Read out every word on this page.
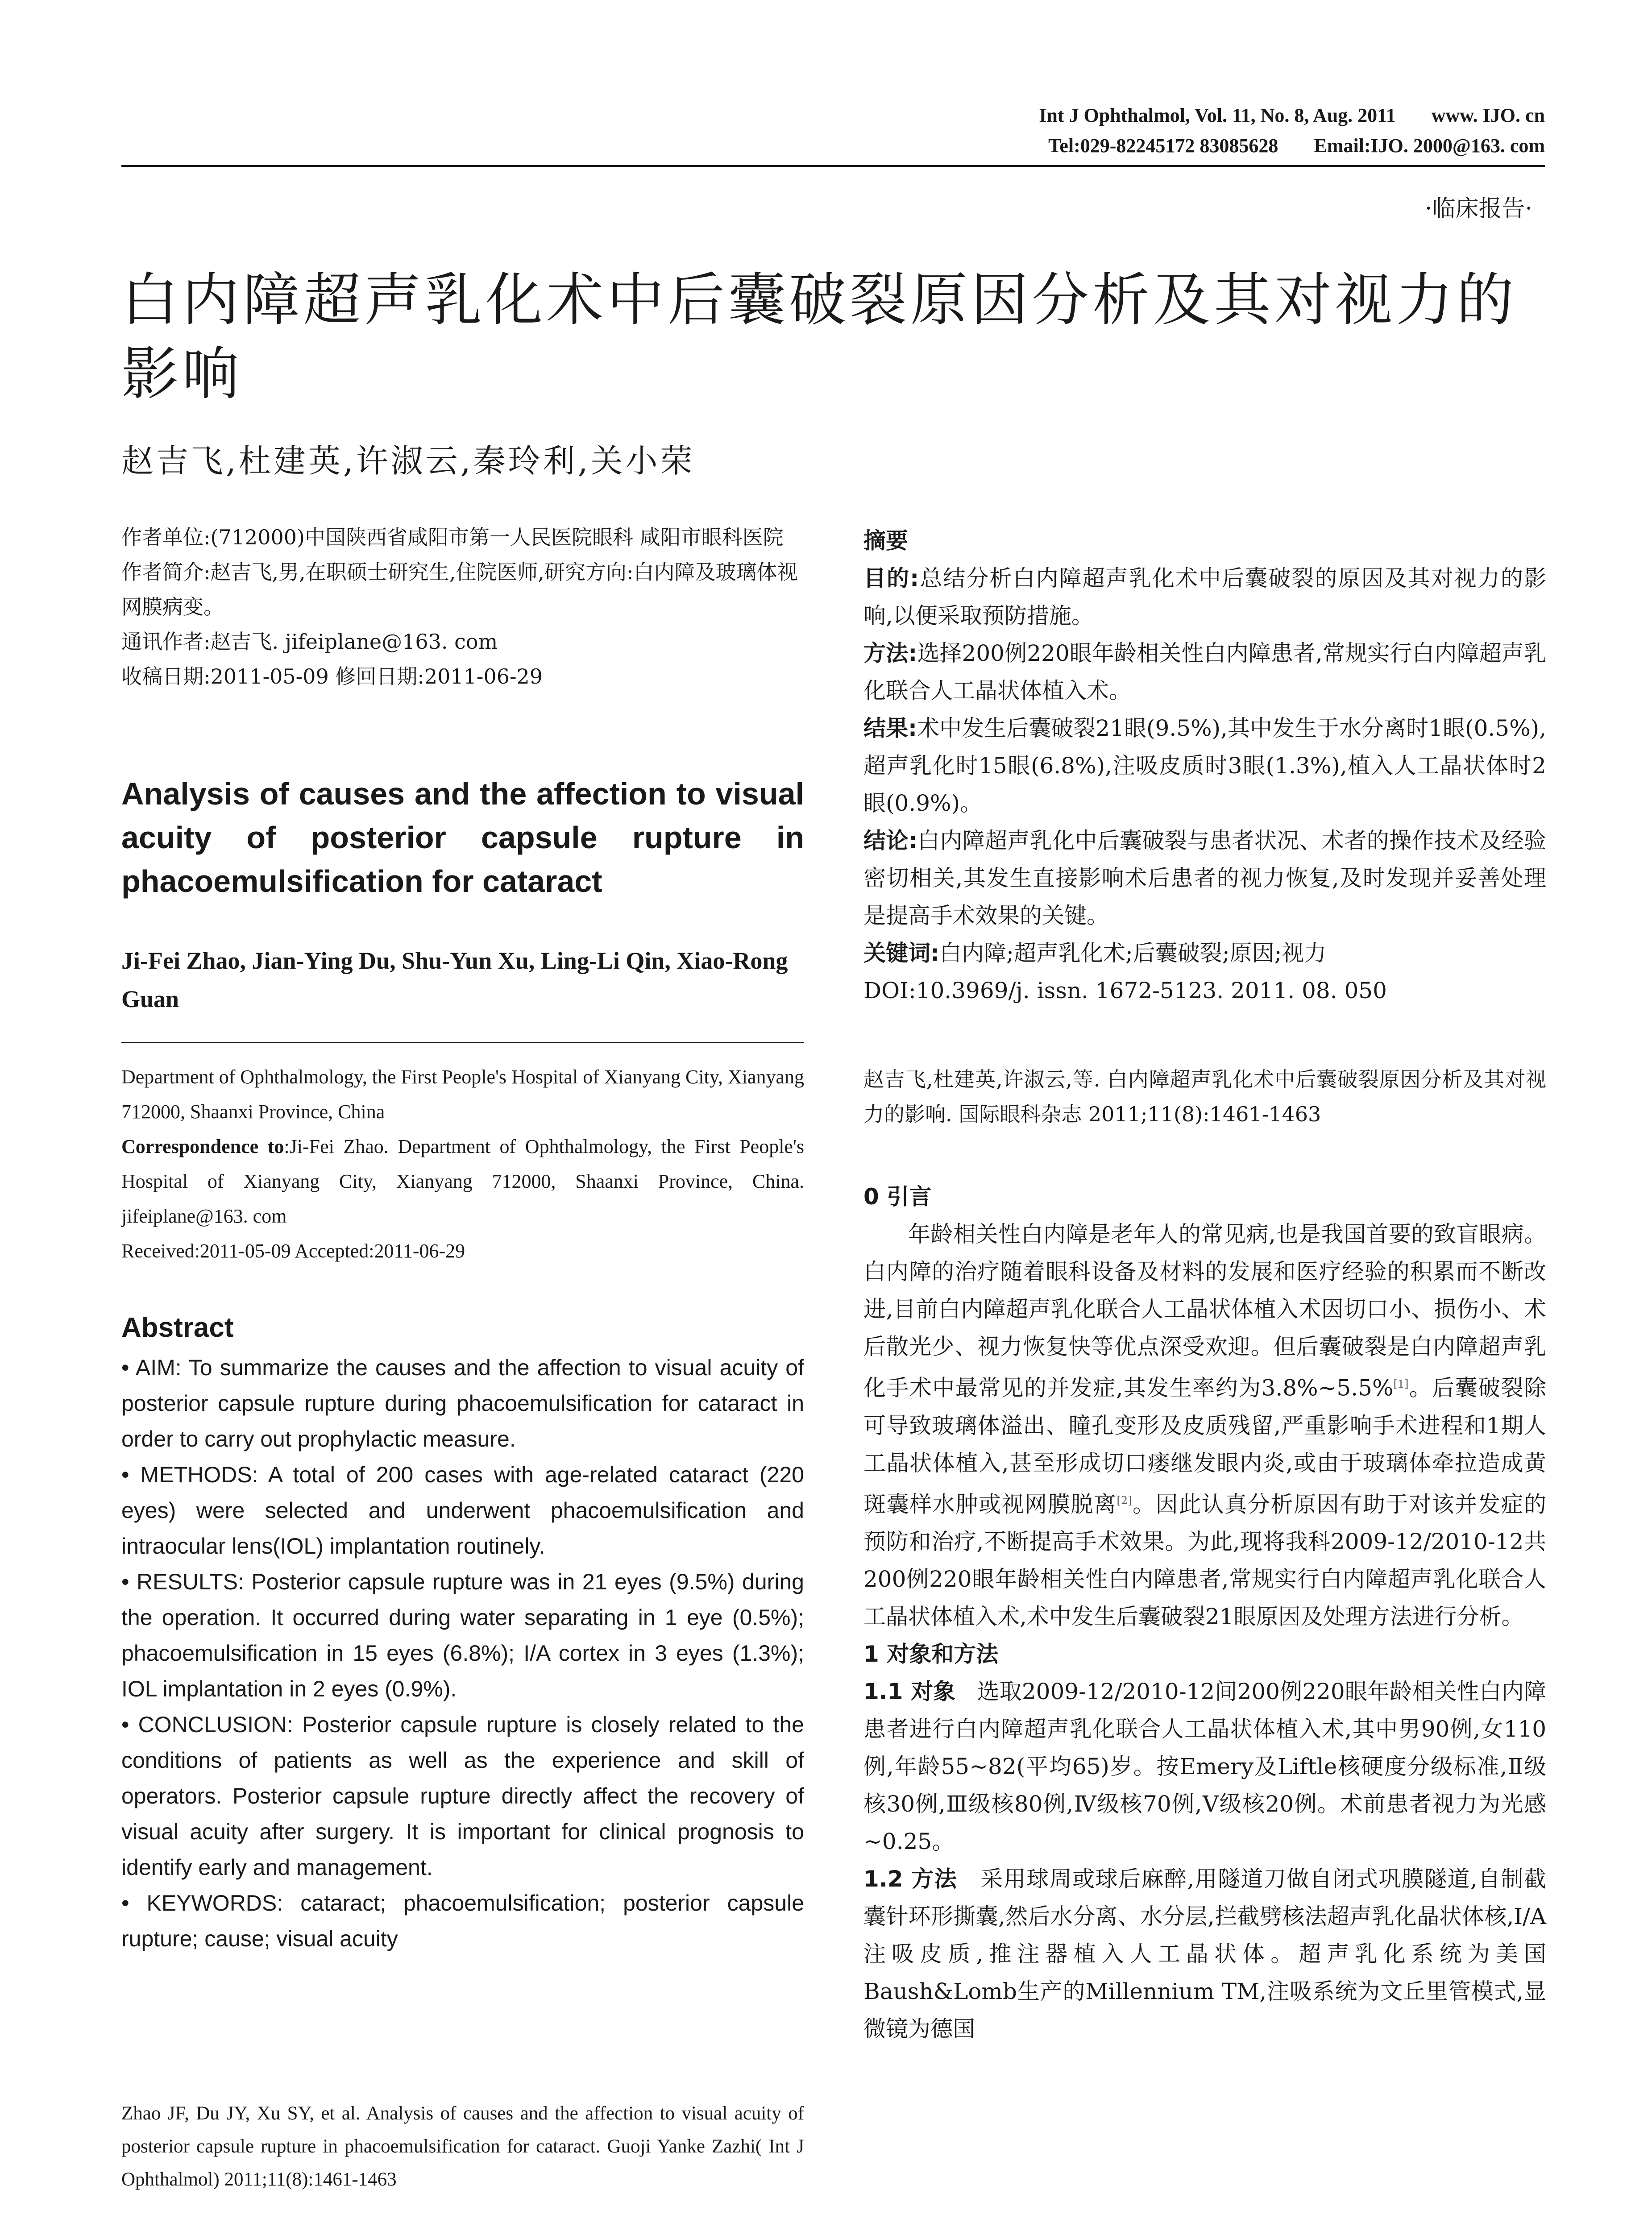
Int J Ophthalmol, Vol. 11, No. 8, Aug. 2011 www. IJO. cn
Tel:029-82245172 83085628 Email:IJO. 2000@163. com
·临床报告·
白内障超声乳化术中后囊破裂原因分析及其对视力的影响
赵吉飞,杜建英,许淑云,秦玲利,关小荣

作者单位:(712000)中国陕西省咸阳市第一人民医院眼科 咸阳市眼科医院

作者简介:赵吉飞,男,在职硕士研究生,住院医师,研究方向:白内障及玻璃体视网膜病变。

通讯作者:赵吉飞. jifeiplane@163. com

收稿日期:2011-05-09 修回日期:2011-06-29

Analysis of causes and the affection to visual acuity of posterior capsule rupture in phacoemulsification for cataract
Ji-Fei Zhao, Jian-Ying Du, Shu-Yun Xu, Ling-Li Qin, Xiao-Rong Guan

Department of Ophthalmology, the First People's Hospital of Xianyang City, Xianyang 712000, Shaanxi Province, China

Correspondence to:Ji-Fei Zhao. Department of Ophthalmology, the First People's Hospital of Xianyang City, Xianyang 712000, Shaanxi Province, China. jifeiplane@163. com

Received:2011-05-09 Accepted:2011-06-29

Abstract

• AIM: To summarize the causes and the affection to visual acuity of posterior capsule rupture during phacoemulsification for cataract in order to carry out prophylactic measure.

• METHODS: A total of 200 cases with age-related cataract (220 eyes) were selected and underwent phacoemulsification and intraocular lens(IOL) implantation routinely.

• RESULTS: Posterior capsule rupture was in 21 eyes (9.5%) during the operation. It occurred during water separating in 1 eye (0.5%); phacoemulsification in 15 eyes (6.8%); I/A cortex in 3 eyes (1.3%); IOL implantation in 2 eyes (0.9%).

• CONCLUSION: Posterior capsule rupture is closely related to the conditions of patients as well as the experience and skill of operators. Posterior capsule rupture directly affect the recovery of visual acuity after surgery. It is important for clinical prognosis to identify early and management.

• KEYWORDS: cataract; phacoemulsification; posterior capsule rupture; cause; visual acuity

Zhao JF, Du JY, Xu SY, et al. Analysis of causes and the affection to visual acuity of posterior capsule rupture in phacoemulsification for cataract. Guoji Yanke Zazhi( Int J Ophthalmol) 2011;11(8):1461-1463

摘要

目的:总结分析白内障超声乳化术中后囊破裂的原因及其对视力的影响,以便采取预防措施。

方法:选择200例220眼年龄相关性白内障患者,常规实行白内障超声乳化联合人工晶状体植入术。

结果:术中发生后囊破裂21眼(9.5%),其中发生于水分离时1眼(0.5%),超声乳化时15眼(6.8%),注吸皮质时3眼(1.3%),植入人工晶状体时2眼(0.9%)。

结论:白内障超声乳化中后囊破裂与患者状况、术者的操作技术及经验密切相关,其发生直接影响术后患者的视力恢复,及时发现并妥善处理是提高手术效果的关键。

关键词:白内障;超声乳化术;后囊破裂;原因;视力

DOI:10.3969/j. issn. 1672-5123. 2011. 08. 050

赵吉飞,杜建英,许淑云,等. 白内障超声乳化术中后囊破裂原因分析及其对视力的影响. 国际眼科杂志 2011;11(8):1461-1463

0 引言

年龄相关性白内障是老年人的常见病,也是我国首要的致盲眼病。白内障的治疗随着眼科设备及材料的发展和医疗经验的积累而不断改进,目前白内障超声乳化联合人工晶状体植入术因切口小、损伤小、术后散光少、视力恢复快等优点深受欢迎。但后囊破裂是白内障超声乳化手术中最常见的并发症,其发生率约为3.8%~5.5%[1]。后囊破裂除可导致玻璃体溢出、瞳孔变形及皮质残留,严重影响手术进程和1期人工晶状体植入,甚至形成切口瘘继发眼内炎,或由于玻璃体牵拉造成黄斑囊样水肿或视网膜脱离[2]。因此认真分析原因有助于对该并发症的预防和治疗,不断提高手术效果。为此,现将我科2009-12/2010-12共200例220眼年龄相关性白内障患者,常规实行白内障超声乳化联合人工晶状体植入术,术中发生后囊破裂21眼原因及处理方法进行分析。

1 对象和方法

1.1 对象 选取2009-12/2010-12间200例220眼年龄相关性白内障患者进行白内障超声乳化联合人工晶状体植入术,其中男90例,女110例,年龄55~82(平均65)岁。按Emery及Liftle核硬度分级标准,Ⅱ级核30例,Ⅲ级核80例,Ⅳ级核70例,Ⅴ级核20例。术前患者视力为光感~0.25。

1.2 方法 采用球周或球后麻醉,用隧道刀做自闭式巩膜隧道,自制截囊针环形撕囊,然后水分离、水分层,拦截劈核法超声乳化晶状体核,I/A注吸皮质,推注器植入人工晶状体。超声乳化系统为美国Baush&Lomb生产的Millennium TM,注吸系统为文丘里管模式,显微镜为德国
